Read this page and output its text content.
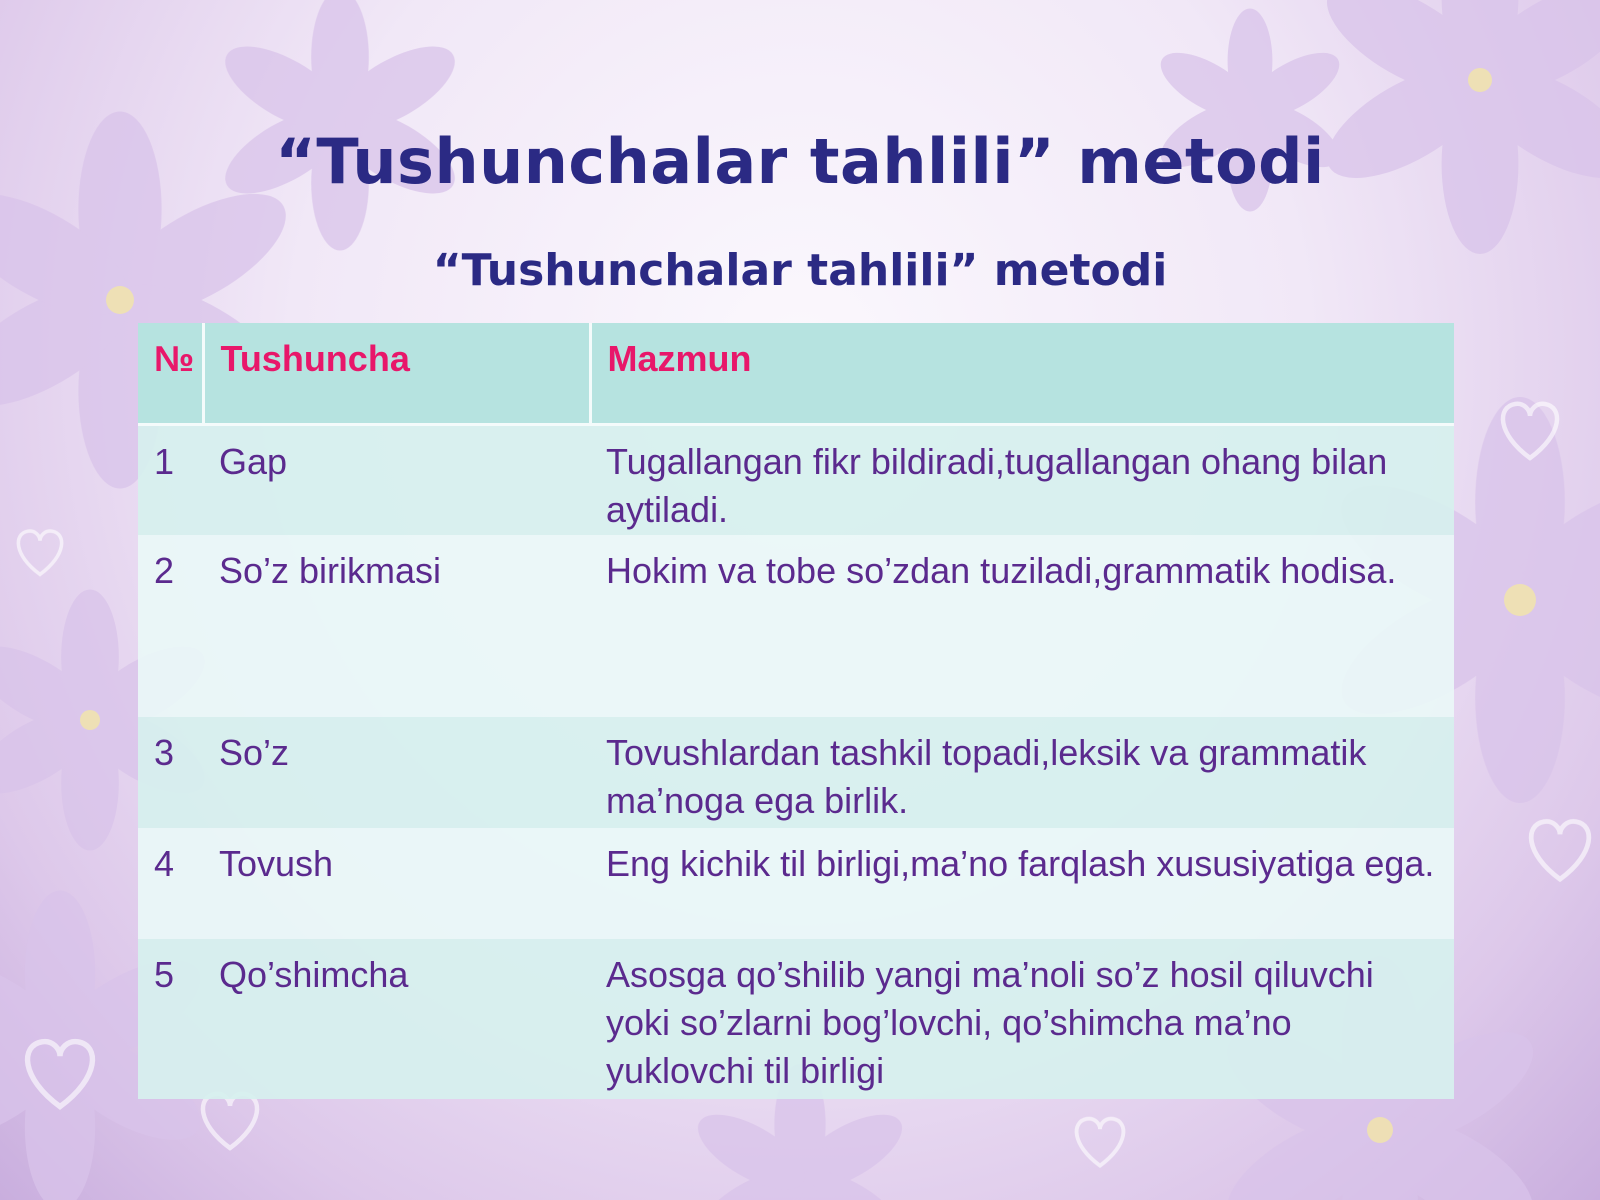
“Tushunchalar tahlili” metodi
“Tushunchalar tahlili” metodi
№	Tushuncha	Mazmun
1	Gap	Tugallangan fikr bildiradi,tugallangan ohang bilan aytiladi.
2	So’z birikmasi	Hokim va tobe so’zdan tuziladi,grammatik hodisa.
3	So’z	Tovushlardan tashkil topadi,leksik va grammatik ma’noga ega birlik.
4	Tovush	Eng kichik til birligi,ma’no farqlash xususiyatiga ega.
5	Qo’shimcha	Asosga qo’shilib yangi ma’noli so’z hosil qiluvchi yoki so’zlarni bog’lovchi, qo’shimcha ma’no yuklovchi til birligi
